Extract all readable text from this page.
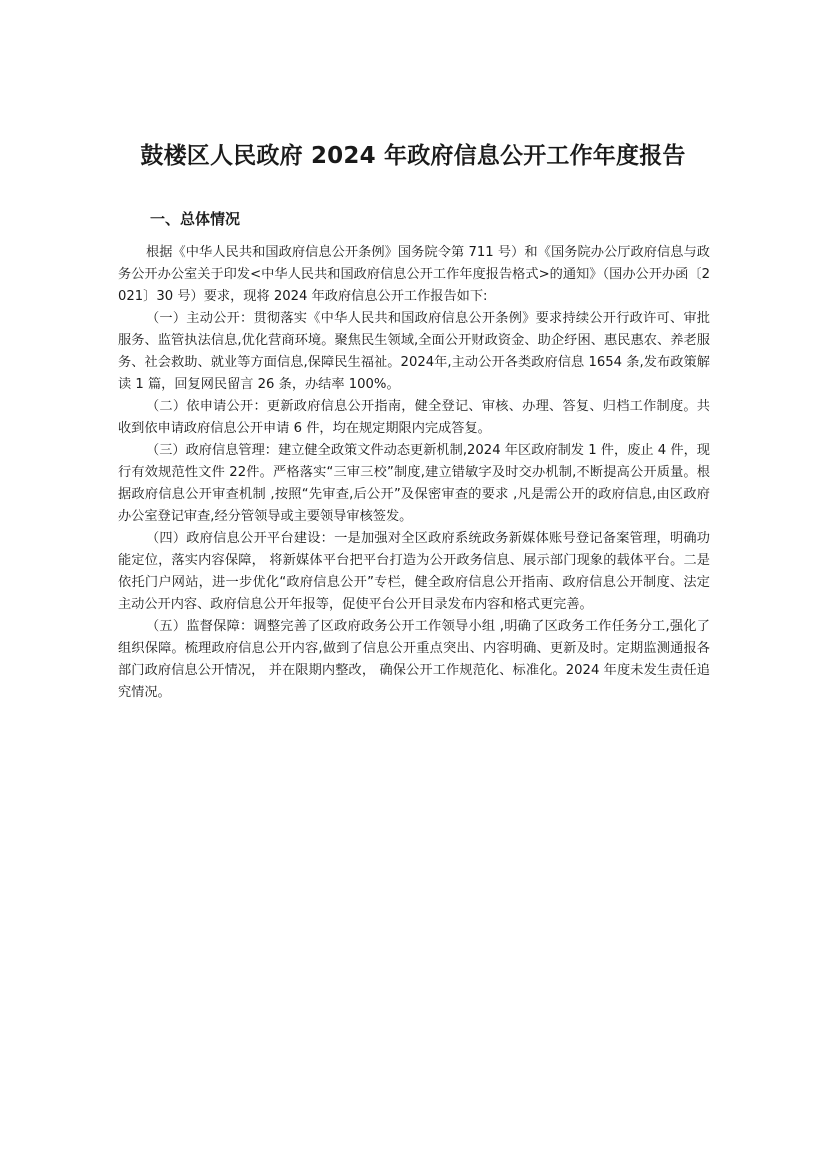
鼓楼区人民政府 2024 年政府信息公开工作年度报告
一、总体情况

根据《中华人民共和国政府信息公开条例》国务院令第 711 号）和《国务院办公厅政府信息与政务公开办公室关于印发<中华人民共和国政府信息公开工作年度报告格式>的通知》（国办公开办函〔2021〕30 号）要求，现将 2024 年政府信息公开工作报告如下:

（一）主动公开：贯彻落实《中华人民共和国政府信息公开条例》要求持续公开行政许可、审批服务、监管执法信息,优化营商环境。聚焦民生领域,全面公开财政资金、助企纾困、惠民惠农、养老服务、社会救助、就业等方面信息,保障民生福祉。2024年,主动公开各类政府信息 1654 条,发布政策解读 1 篇，回复网民留言 26 条，办结率 100%。

（二）依申请公开：更新政府信息公开指南，健全登记、审核、办理、答复、归档工作制度。共收到依申请政府信息公开申请 6 件，均在规定期限内完成答复。

（三）政府信息管理：建立健全政策文件动态更新机制,2024 年区政府制发 1 件，废止 4 件，现行有效规范性文件 22件。严格落实“三审三校”制度,建立错敏字及时交办机制,不断提高公开质量。根据政府信息公开审查机制 ,按照“先审查,后公开”及保密审查的要求 ,凡是需公开的政府信息,由区政府办公室登记审查,经分管领导或主要领导审核签发。

（四）政府信息公开平台建设：一是加强对全区政府系统政务新媒体账号登记备案管理，明确功能定位，落实内容保障， 将新媒体平台把平台打造为公开政务信息、展示部门现象的载体平台。二是依托门户网站，进一步优化“政府信息公开”专栏，健全政府信息公开指南、政府信息公开制度、法定主动公开内容、政府信息公开年报等，促使平台公开目录发布内容和格式更完善。

（五）监督保障：调整完善了区政府政务公开工作领导小组 ,明确了区政务工作任务分工,强化了组织保障。梳理政府信息公开内容,做到了信息公开重点突出、内容明确、更新及时。定期监测通报各部门政府信息公开情况， 并在限期内整改， 确保公开工作规范化、标准化。2024 年度未发生责任追究情况。
